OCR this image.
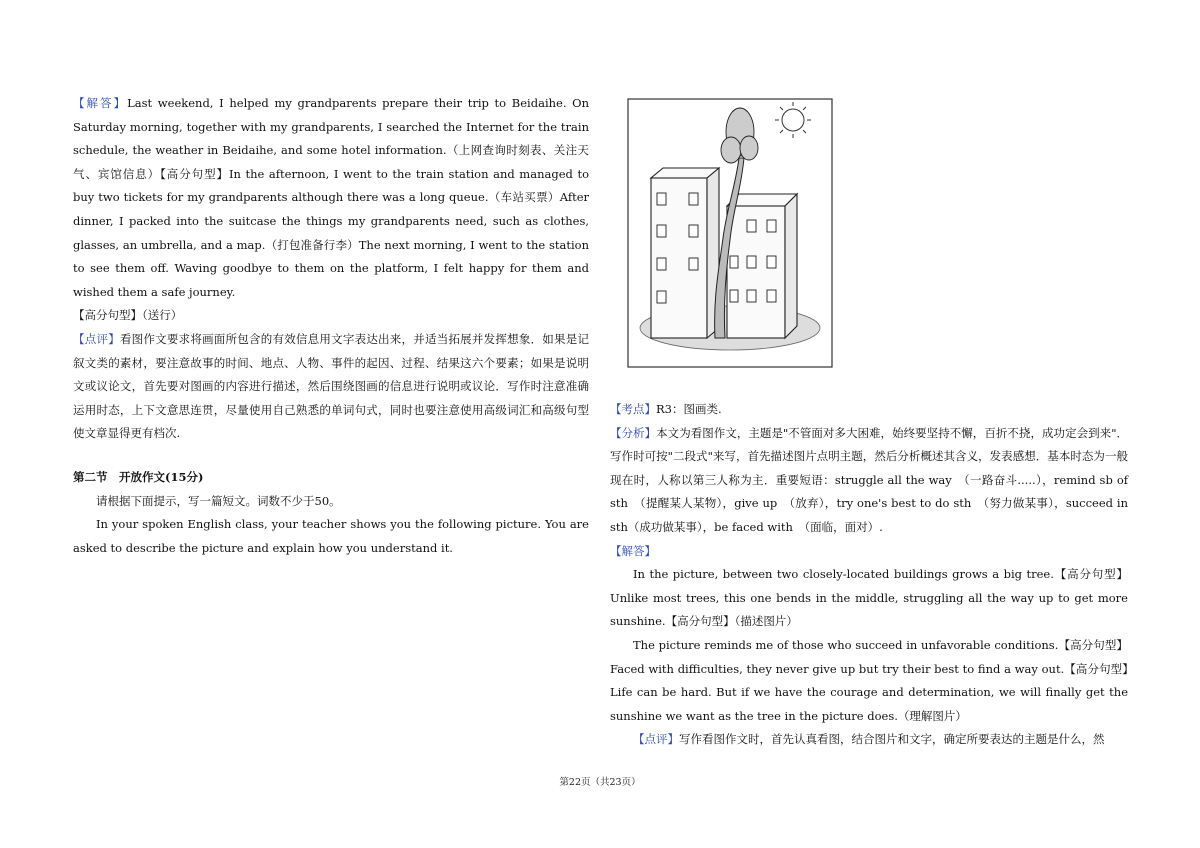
【解答】Last weekend, I helped my grandparents prepare their trip to Beidaihe. On Saturday morning, together with my grandparents, I searched the Internet for the train schedule, the weather in Beidaihe, and some hotel information.（上网查询时刻表、关注天气、宾馆信息）【高分句型】In the afternoon, I went to the train station and managed to buy two tickets for my grandparents although there was a long queue.（车站买票）After dinner, I packed into the suitcase the things my grandparents need, such as clothes, glasses, an umbrella, and a map.（打包准备行李）The next morning, I went to the station to see them off. Waving goodbye to them on the platform, I felt happy for them and wished them a safe journey.

【高分句型】（送行）

【点评】看图作文要求将画面所包含的有效信息用文字表达出来，并适当拓展并发挥想象．如果是记叙文类的素材，要注意故事的时间、地点、人物、事件的起因、过程、结果这六个要素；如果是说明文或议论文，首先要对图画的内容进行描述，然后围绕图画的信息进行说明或议论．写作时注意准确运用时态，上下文意思连贯，尽量使用自己熟悉的单词句式，同时也要注意使用高级词汇和高级句型使文章显得更有档次.

第二节　开放作文(15分)

请根据下面提示，写一篇短文。词数不少于50。

In your spoken English class, your teacher shows you the following picture. You are asked to describe the picture and explain how you understand it.

【考点】R3：图画类.

【分析】本文为看图作文，主题是"不管面对多大困难，始终要坚持不懈，百折不挠，成功定会到来"．写作时可按"二段式"来写，首先描述图片点明主题，然后分析概述其含义，发表感想．基本时态为一般现在时，人称以第三人称为主．重要短语：struggle all the way　（一路奋斗.....），remind sb of sth　（提醒某人某物），give up　（放弃），try one's best to do sth　（努力做某事），succeed in sth（成功做某事），be faced with　（面临，面对）.

【解答】

In the picture, between two closely-located buildings grows a big tree.【高分句型】Unlike most trees, this one bends in the middle, struggling all the way up to get more sunshine.【高分句型】（描述图片）

The picture reminds me of those who succeed in unfavorable conditions.【高分句型】Faced with difficulties, they never give up but try their best to find a way out.【高分句型】Life can be hard. But if we have the courage and determination, we will finally get the sunshine we want as the tree in the picture does.（理解图片）

【点评】写作看图作文时，首先认真看图，结合图片和文字，确定所要表达的主题是什么，然

第22页（共23页）
